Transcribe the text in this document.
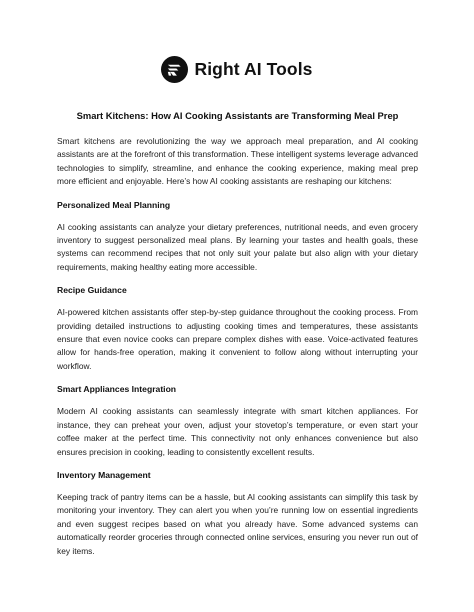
Right AI Tools
Smart Kitchens: How AI Cooking Assistants are Transforming Meal Prep

Smart kitchens are revolutionizing the way we approach meal preparation, and AI cooking assistants are at the forefront of this transformation. These intelligent systems leverage advanced technologies to simplify, streamline, and enhance the cooking experience, making meal prep more efficient and enjoyable. Here’s how AI cooking assistants are reshaping our kitchens:

Personalized Meal Planning

AI cooking assistants can analyze your dietary preferences, nutritional needs, and even grocery inventory to suggest personalized meal plans. By learning your tastes and health goals, these systems can recommend recipes that not only suit your palate but also align with your dietary requirements, making healthy eating more accessible.

Recipe Guidance

AI-powered kitchen assistants offer step-by-step guidance throughout the cooking process. From providing detailed instructions to adjusting cooking times and temperatures, these assistants ensure that even novice cooks can prepare complex dishes with ease. Voice-activated features allow for hands-free operation, making it convenient to follow along without interrupting your workflow.

Smart Appliances Integration

Modern AI cooking assistants can seamlessly integrate with smart kitchen appliances. For instance, they can preheat your oven, adjust your stovetop’s temperature, or even start your coffee maker at the perfect time. This connectivity not only enhances convenience but also ensures precision in cooking, leading to consistently excellent results.

Inventory Management

Keeping track of pantry items can be a hassle, but AI cooking assistants can simplify this task by monitoring your inventory. They can alert you when you’re running low on essential ingredients and even suggest recipes based on what you already have. Some advanced systems can automatically reorder groceries through connected online services, ensuring you never run out of key items.
